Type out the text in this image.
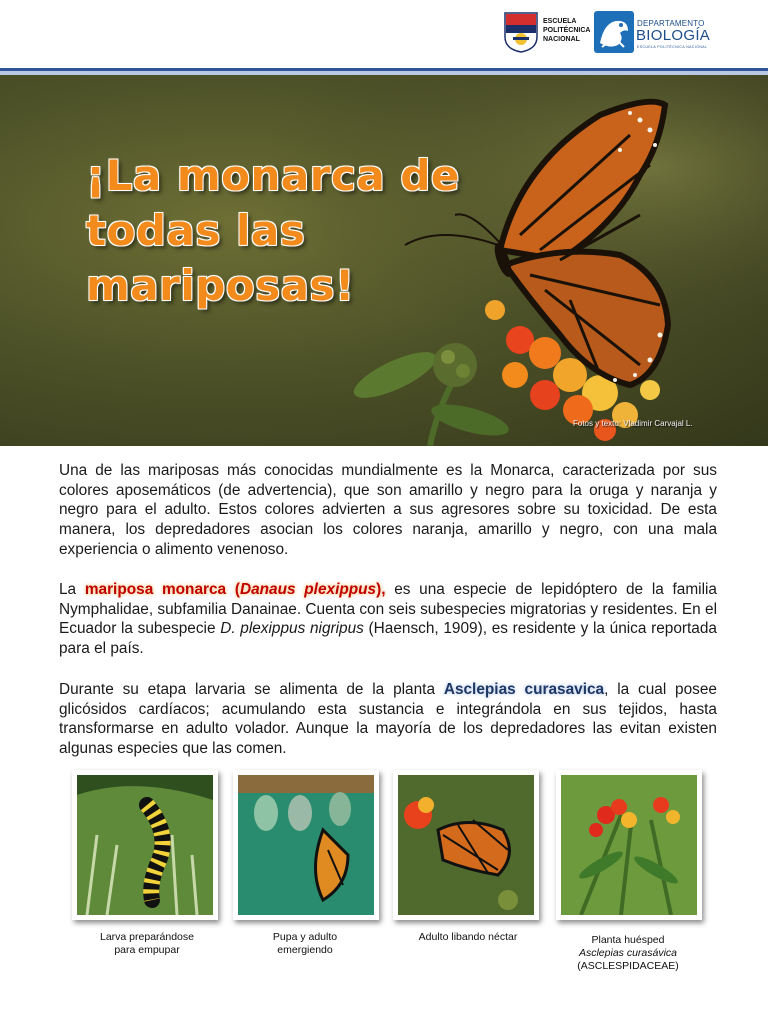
ESCUELA
POLITÉCNICA
NACIONAL
DEPARTAMENTO
BIOLOGÍA
ESCUELA POLITÉCNICA NACIONAL
¡La monarca de todas las mariposas!
Fotos y texto: Vladimir Carvajal L.

Una de las mariposas más conocidas mundialmente es la Monarca, caracterizada por sus colores aposemáticos (de advertencia), que son amarillo y negro para la oruga y naranja y negro para el adulto. Estos colores advierten a sus agresores sobre su toxicidad. De esta manera, los depredadores asocian los colores naranja, amarillo y negro, con una mala experiencia o alimento venenoso.

La mariposa monarca (Danaus plexippus), es una especie de lepidóptero de la familia Nymphalidae, subfamilia Danainae. Cuenta con seis subespecies migratorias y residentes. En el Ecuador la subespecie D. plexippus nigripus (Haensch, 1909), es residente y la única reportada para el país.

Durante su etapa larvaria se alimenta de la planta Asclepias curasavica, la cual posee glicósidos cardíacos; acumulando esta sustancia e integrándola en sus tejidos, hasta transformarse en adulto volador. Aunque la mayoría de los depredadores las evitan existen algunas especies que las comen.

Larva preparándose
para empupar
Pupa y adulto
emergiendo
Adulto libando néctar	Planta huésped
Asclepias curasávica
(ASCLESPIDACEAE)
